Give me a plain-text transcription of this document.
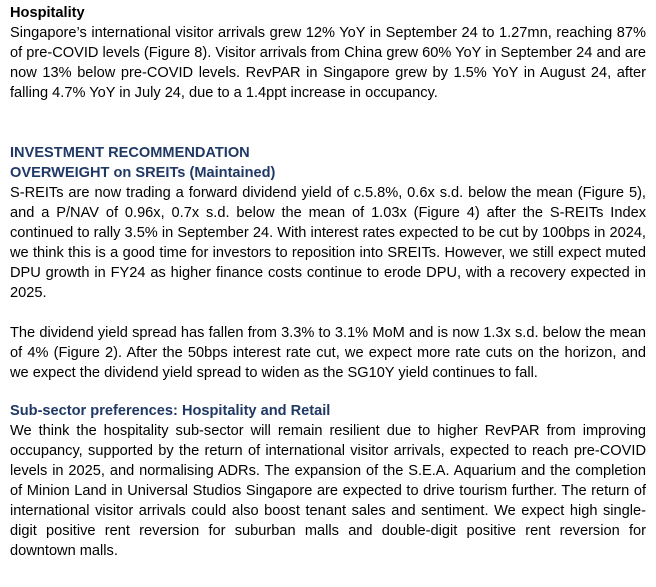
Hospitality

Singapore’s international visitor arrivals grew 12% YoY in September 24 to 1.27mn, reaching 87% of pre-COVID levels (Figure 8). Visitor arrivals from China grew 60% YoY in September 24 and are now 13% below pre-COVID levels. RevPAR in Singapore grew by 1.5% YoY in August 24, after falling 4.7% YoY in July 24, due to a 1.4ppt increase in occupancy.

INVESTMENT RECOMMENDATION

OVERWEIGHT on SREITs (Maintained)

S-REITs are now trading a forward dividend yield of c.5.8%, 0.6x s.d. below the mean (Figure 5), and a P/NAV of 0.96x, 0.7x s.d. below the mean of 1.03x (Figure 4) after the S-REITs Index continued to rally 3.5% in September 24. With interest rates expected to be cut by 100bps in 2024, we think this is a good time for investors to reposition into SREITs. However, we still expect muted DPU growth in FY24 as higher finance costs continue to erode DPU, with a recovery expected in 2025.

The dividend yield spread has fallen from 3.3% to 3.1% MoM and is now 1.3x s.d. below the mean of 4% (Figure 2). After the 50bps interest rate cut, we expect more rate cuts on the horizon, and we expect the dividend yield spread to widen as the SG10Y yield continues to fall.

Sub-sector preferences: Hospitality and Retail

We think the hospitality sub-sector will remain resilient due to higher RevPAR from improving occupancy, supported by the return of international visitor arrivals, expected to reach pre-COVID levels in 2025, and normalising ADRs. The expansion of the S.E.A. Aquarium and the completion of Minion Land in Universal Studios Singapore are expected to drive tourism further. The return of international visitor arrivals could also boost tenant sales and sentiment. We expect high single-digit positive rent reversion for suburban malls and double-digit positive rent reversion for downtown malls.
